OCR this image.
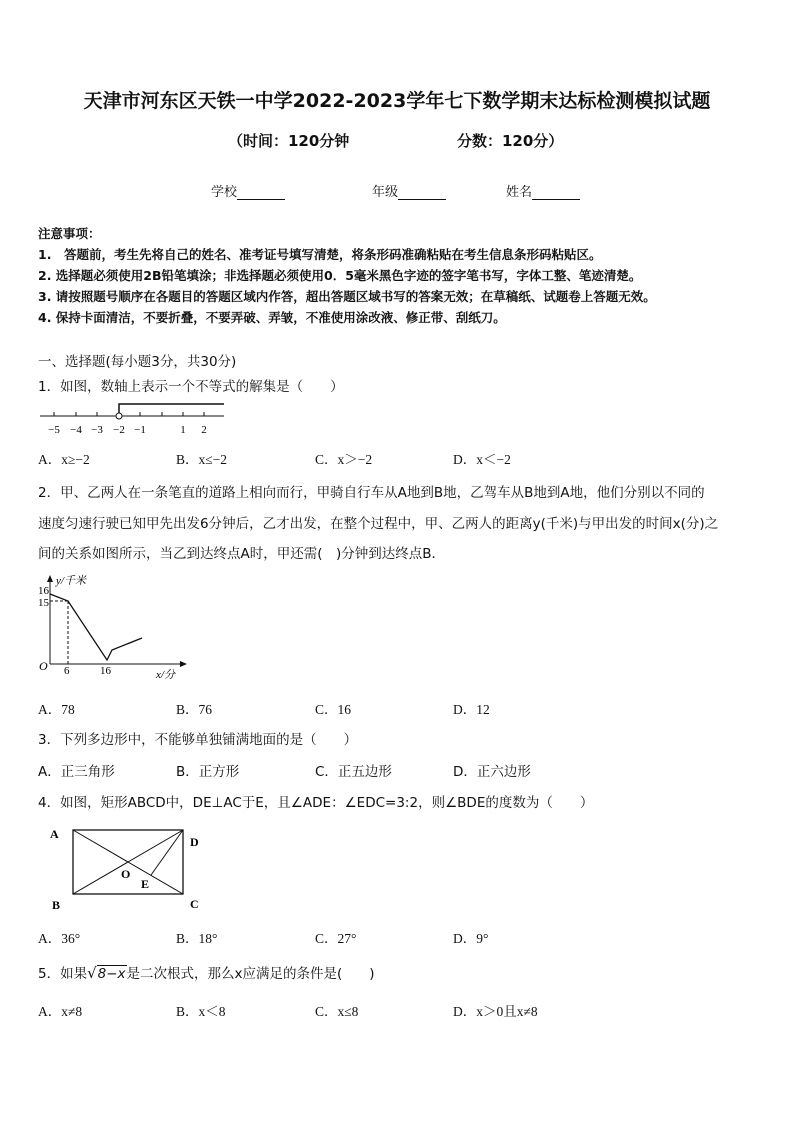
天津市河东区天铁一中学2022-2023学年七下数学期末达标检测模拟试题
（时间：120分钟	分数：120分）
学校	年级	姓名
注意事项：
1.　答题前，考生先将自己的姓名、准考证号填写清楚，将条形码准确粘贴在考生信息条形码粘贴区。
2. 选择题必须使用2B铅笔填涂；非选择题必须使用0．5毫米黑色字迹的签字笔书写，字体工整、笔迹清楚。
3. 请按照题号顺序在各题目的答题区域内作答，超出答题区域书写的答案无效；在草稿纸、试题卷上答题无效。
4. 保持卡面清洁，不要折叠，不要弄破、弄皱，不准使用涂改液、修正带、刮纸刀。
一、选择题(每小题3分，共30分)
1．如图，数轴上表示一个不等式的解集是（　　）
−5 −4 −3 −2 −1	1 2
A．x≥−2	B．x≤−2	C．x＞−2	D．x＜−2
2．甲、乙两人在一条笔直的道路上相向而行，甲骑自行车从A地到B地，乙驾车从B地到A地，他们分别以不同的
速度匀速行驶已知甲先出发6分钟后，乙才出发，在整个过程中，甲、乙两人的距离y(千米)与甲出发的时间x(分)之
间的关系如图所示，当乙到达终点A时，甲还需(　)分钟到达终点B．
16
15
y/千米
O 6	16	x/分
A．78	B．76	C．16	D．12
3．下列多边形中，不能够单独铺满地面的是（　　）
A．正三角形	B．正方形	C．正五边形	D．正六边形
4．如图，矩形ABCD中，DE⊥AC于E，且∠ADE：∠EDC=3:2，则∠BDE的度数为（　　）
A
D
B	C
O
E
A．36°	B．18°	C．27°	D．9°
5．如果√8−x是二次根式，那么x应满足的条件是(　　)
A．x≠8	B．x＜8	C．x≤8	D．x＞0且x≠8
